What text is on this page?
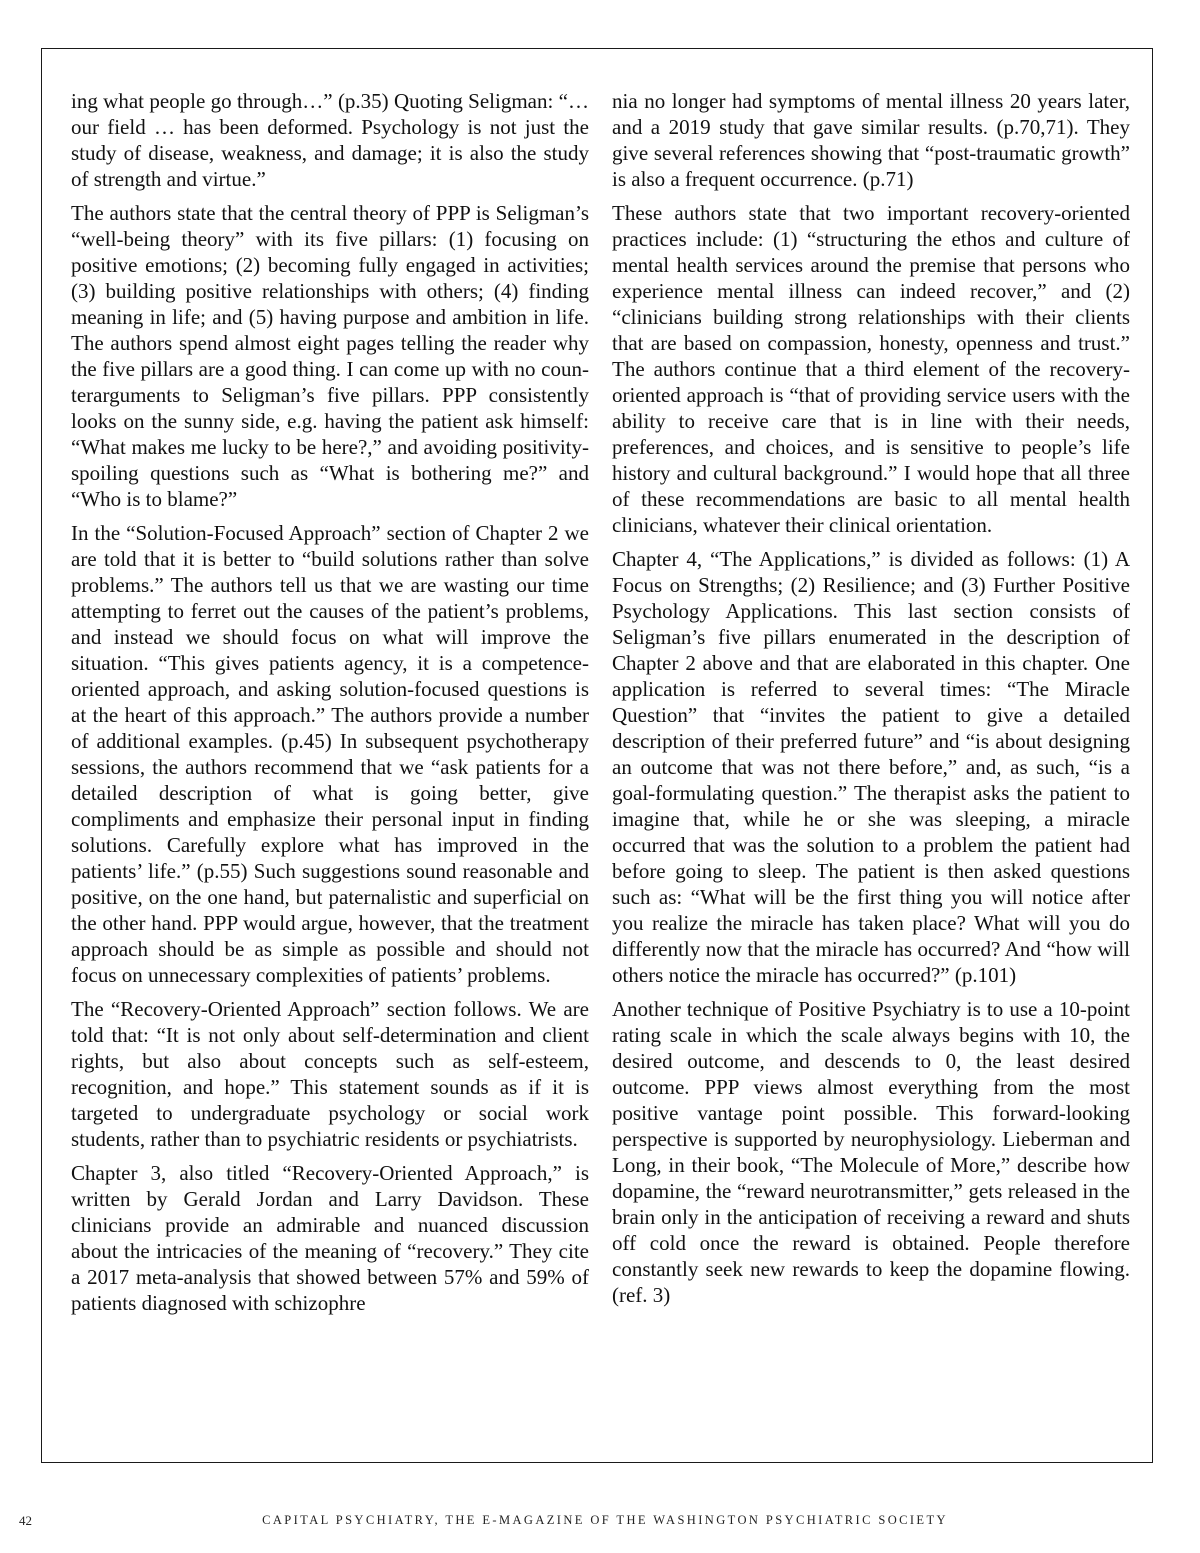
ing what people go through…” (p.35) Quoting Seligman: “…our field … has been deformed. Psychology is not just the study of disease, weakness, and damage; it is also the study of strength and virtue.”

The authors state that the central theory of PPP is Seligman’s “well-being theory” with its five pillars: (1) focusing on positive emotions; (2) becoming fully engaged in activities; (3) building positive relationships with others; (4) finding meaning in life; and (5) having purpose and ambition in life. The authors spend almost eight pages telling the reader why the five pillars are a good thing. I can come up with no counterarguments to Seligman’s five pillars. PPP consistently looks on the sunny side, e.g. having the patient ask himself: “What makes me lucky to be here?,” and avoiding positivity-spoiling questions such as “What is bothering me?” and “Who is to blame?”

In the “Solution-Focused Approach” section of Chapter 2 we are told that it is better to “build solutions rather than solve problems.” The authors tell us that we are wasting our time attempting to ferret out the causes of the patient’s problems, and instead we should focus on what will improve the situation. “This gives patients agency, it is a competence-oriented approach, and asking solution-focused questions is at the heart of this approach.” The authors provide a number of additional examples. (p.45) In subsequent psychotherapy sessions, the authors recommend that we “ask patients for a detailed description of what is going better, give compliments and emphasize their personal input in finding solutions. Carefully explore what has improved in the patients’ life.” (p.55) Such suggestions sound reasonable and positive, on the one hand, but paternalistic and superficial on the other hand. PPP would argue, however, that the treatment approach should be as simple as possible and should not focus on unnecessary complexities of patients’ problems.

The “Recovery-Oriented Approach” section follows. We are told that: “It is not only about self-determination and client rights, but also about concepts such as self-esteem, recognition, and hope.” This statement sounds as if it is targeted to undergraduate psychology or social work students, rather than to psychiatric residents or psychiatrists.

Chapter 3, also titled “Recovery-Oriented Approach,” is written by Gerald Jordan and Larry Davidson. These clinicians provide an admirable and nuanced discussion about the intricacies of the meaning of “recovery.” They cite a 2017 meta-analysis that showed between 57% and 59% of patients diagnosed with schizophre

nia no longer had symptoms of mental illness 20 years later, and a 2019 study that gave similar results. (p.70,71). They give several references showing that “post-traumatic growth” is also a frequent occurrence. (p.71)

These authors state that two important recovery-oriented practices include: (1) “structuring the ethos and culture of mental health services around the premise that persons who experience mental illness can indeed recover,” and (2) “clinicians building strong relationships with their clients that are based on compassion, honesty, openness and trust.” The authors continue that a third element of the recovery-oriented approach is “that of providing service users with the ability to receive care that is in line with their needs, preferences, and choices, and is sensitive to people’s life history and cultural background.” I would hope that all three of these recommendations are basic to all mental health clinicians, whatever their clinical orientation.

Chapter 4, “The Applications,” is divided as follows: (1) A Focus on Strengths; (2) Resilience; and (3) Further Positive Psychology Applications. This last section consists of Seligman’s five pillars enumerated in the description of Chapter 2 above and that are elaborated in this chapter. One application is referred to several times: “The Miracle Question” that “invites the patient to give a detailed description of their preferred future” and “is about designing an outcome that was not there before,” and, as such, “is a goal-formulating question.” The therapist asks the patient to imagine that, while he or she was sleeping, a miracle occurred that was the solution to a problem the patient had before going to sleep. The patient is then asked questions such as: “What will be the first thing you will notice after you realize the miracle has taken place? What will you do differently now that the miracle has occurred? And “how will others notice the miracle has occurred?” (p.101)

Another technique of Positive Psychiatry is to use a 10-point rating scale in which the scale always begins with 10, the desired outcome, and descends to 0, the least desired outcome. PPP views almost everything from the most positive vantage point possible. This forward-looking perspective is supported by neurophysiology. Lieberman and Long, in their book, “The Molecule of More,” describe how dopamine, the “reward neurotransmitter,” gets released in the brain only in the anticipation of receiving a reward and shuts off cold once the reward is obtained. People therefore constantly seek new rewards to keep the dopamine flowing. (ref. 3)

42	CAPITAL PSYCHIATRY, THE E-MAGAZINE OF THE WASHINGTON PSYCHIATRIC SOCIETY
